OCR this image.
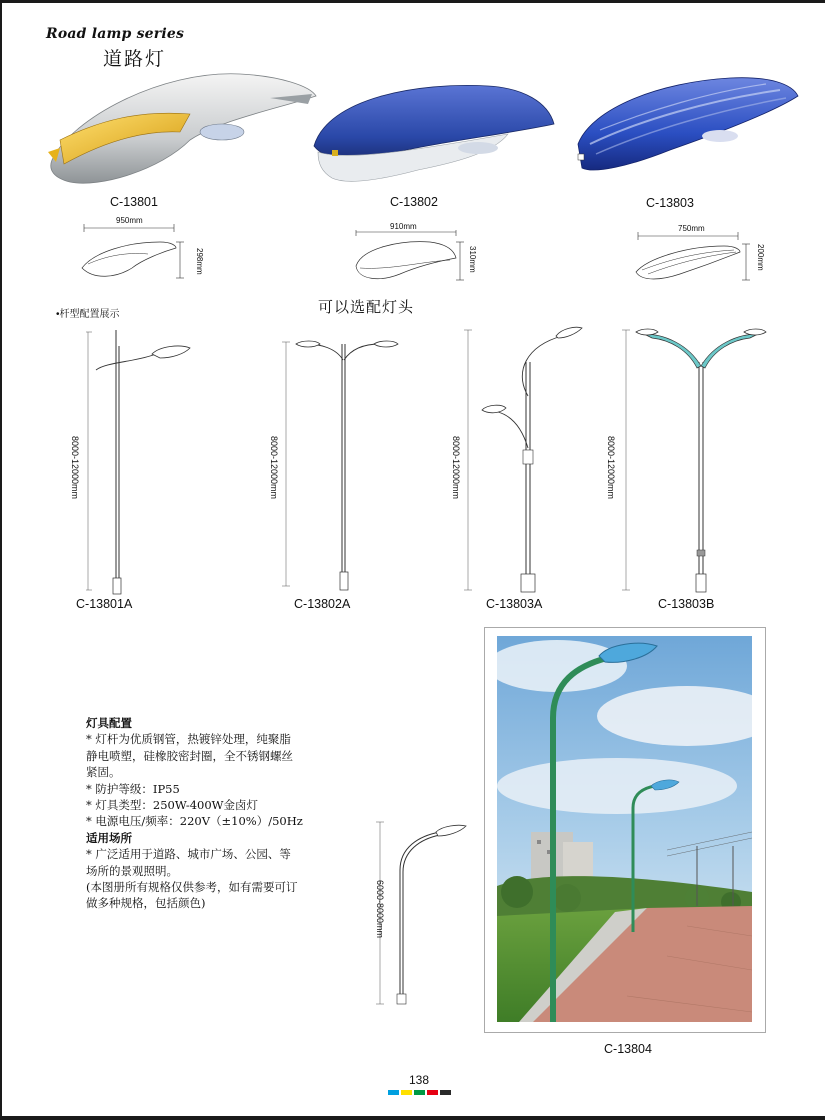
Road lamp series
道路灯
C-13801	C-13802	C-13803
950mm
298mm
910mm
310mm
750mm
200mm
•杆型配置展示	可以选配灯头
8000-12000mm
C-13801A
8000-12000mm
C-13802A
8000-12000mm
C-13803A
8000-12000mm
C-13803B
灯具配置
* 灯杆为优质钢管，热镀锌处理，纯聚脂
静电喷塑，硅橡胶密封圈，全不锈钢螺丝
紧固。
* 防护等级：IP55
* 灯具类型：250W-400W金卤灯
* 电源电压/频率：220V（±10%）/50Hz
适用场所
* 广泛适用于道路、城市广场、公园、等
场所的景观照明。
(本图册所有规格仅供参考，如有需要可订
做多种规格，包括颜色)	6000-8000mm
C-13804
138
